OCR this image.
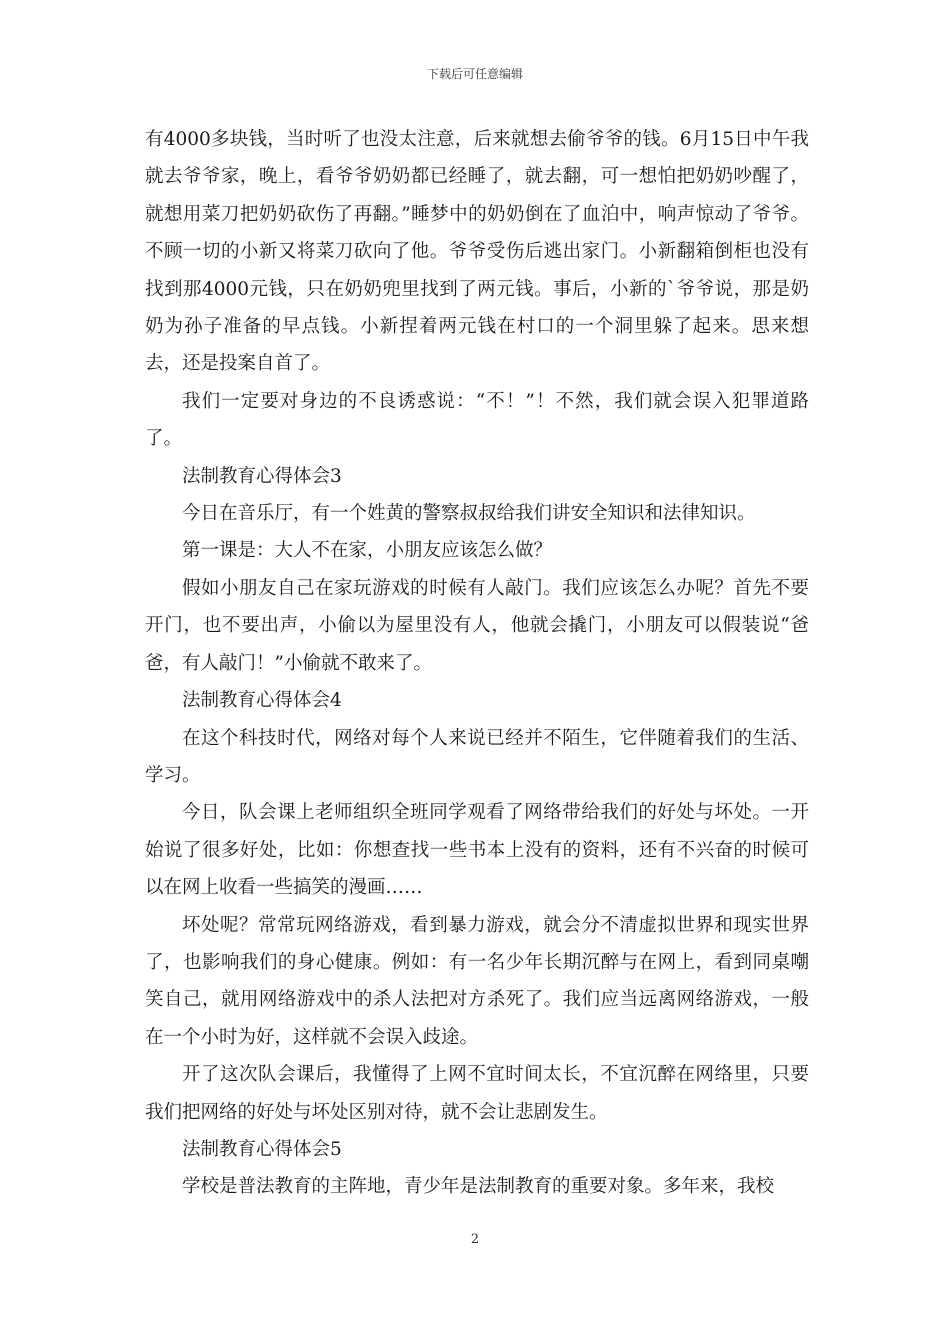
下载后可任意编辑

有4000多块钱，当时听了也没太注意，后来就想去偷爷爷的钱。6月15日中午我就去爷爷家，晚上，看爷爷奶奶都已经睡了，就去翻，可一想怕把奶奶吵醒了，就想用菜刀把奶奶砍伤了再翻。”睡梦中的奶奶倒在了血泊中，响声惊动了爷爷。不顾一切的小新又将菜刀砍向了他。爷爷受伤后逃出家门。小新翻箱倒柜也没有找到那4000元钱，只在奶奶兜里找到了两元钱。事后，小新的`爷爷说，那是奶奶为孙子准备的早点钱。小新捏着两元钱在村口的一个洞里躲了起来。思来想去，还是投案自首了。

我们一定要对身边的不良诱惑说：“不！”！不然，我们就会误入犯罪道路了。

法制教育心得体会3

今日在音乐厅，有一个姓黄的警察叔叔给我们讲安全知识和法律知识。

第一课是：大人不在家，小朋友应该怎么做？

假如小朋友自己在家玩游戏的时候有人敲门。我们应该怎么办呢？首先不要开门，也不要出声，小偷以为屋里没有人，他就会撬门，小朋友可以假装说“爸爸，有人敲门！”小偷就不敢来了。

法制教育心得体会4

在这个科技时代，网络对每个人来说已经并不陌生，它伴随着我们的生活、学习。

今日，队会课上老师组织全班同学观看了网络带给我们的好处与坏处。一开始说了很多好处，比如：你想查找一些书本上没有的资料，还有不兴奋的时候可以在网上收看一些搞笑的漫画……

坏处呢？常常玩网络游戏，看到暴力游戏，就会分不清虚拟世界和现实世界了，也影响我们的身心健康。例如：有一名少年长期沉醉与在网上，看到同桌嘲笑自己，就用网络游戏中的杀人法把对方杀死了。我们应当远离网络游戏，一般在一个小时为好，这样就不会误入歧途。

开了这次队会课后，我懂得了上网不宜时间太长，不宜沉醉在网络里，只要我们把网络的好处与坏处区别对待，就不会让悲剧发生。

法制教育心得体会5

学校是普法教育的主阵地，青少年是法制教育的重要对象。多年来，我校

2
